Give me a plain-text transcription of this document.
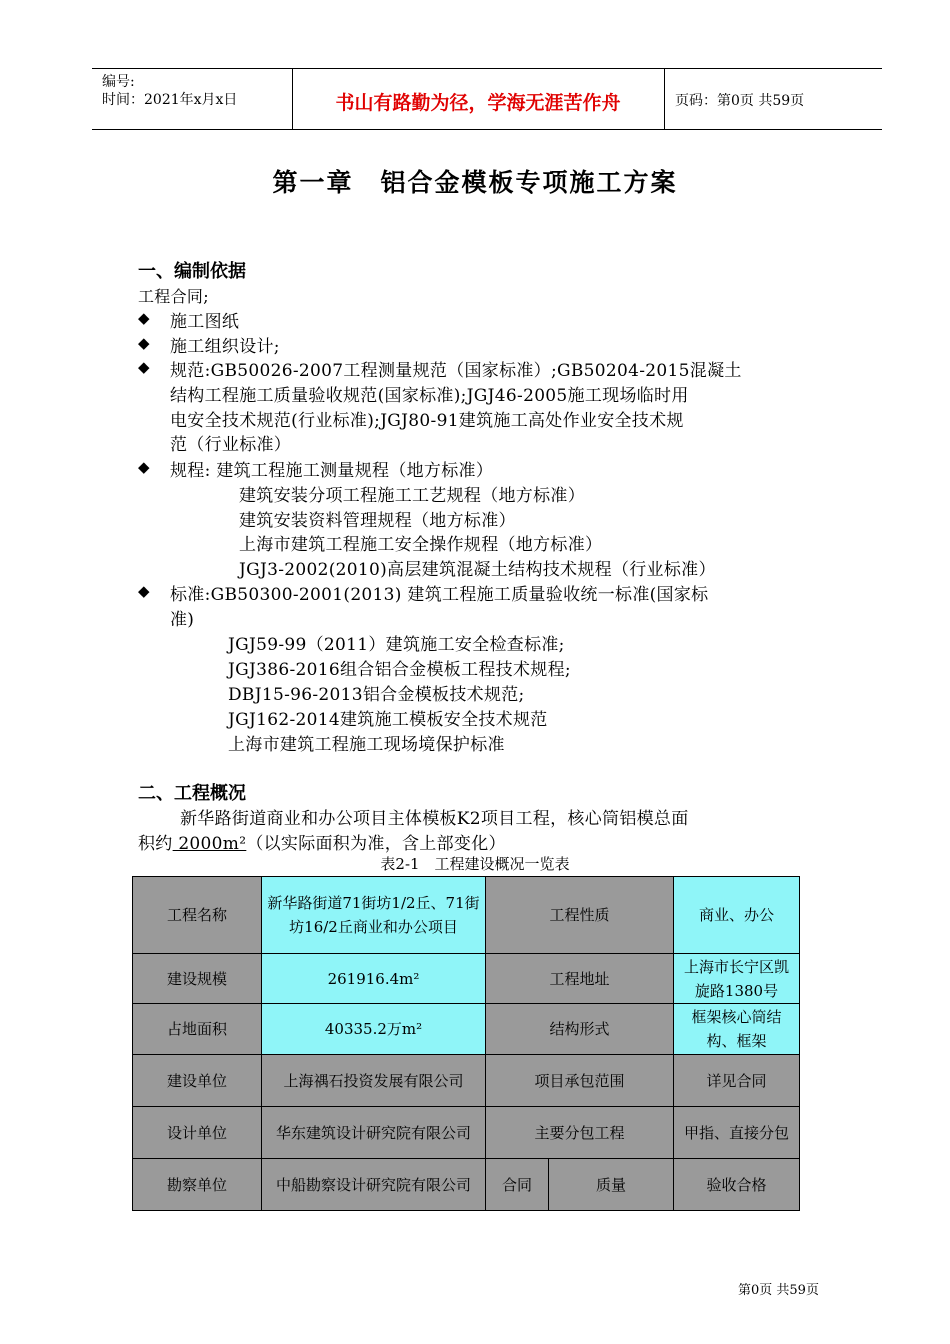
编号:
时间：2021年x月x日	书山有路勤为径，学海无涯苦作舟	页码：第0页 共59页
第一章　铝合金模板专项施工方案
一、编制依据
工程合同;
◆ 施工图纸
◆ 施工组织设计;
◆ 规范:GB50026-2007工程测量规范（国家标准）;GB50204-2015混凝土
结构工程施工质量验收规范(国家标准);JGJ46-2005施工现场临时用
电安全技术规范(行业标准);JGJ80-91建筑施工高处作业安全技术规
范（行业标准）
◆ 规程: 建筑工程施工测量规程（地方标准）
建筑安装分项工程施工工艺规程（地方标准）
建筑安装资料管理规程（地方标准）
上海市建筑工程施工安全操作规程（地方标准）
JGJ3-2002(2010)高层建筑混凝土结构技术规程（行业标准）
◆ 标准:GB50300-2001(2013) 建筑工程施工质量验收统一标准(国家标
准)
JGJ59-99（2011）建筑施工安全检查标准;
JGJ386-2016组合铝合金模板工程技术规程;
DBJ15-96-2013铝合金模板技术规范;
JGJ162-2014建筑施工模板安全技术规范
上海市建筑工程施工现场境保护标准
二、工程概况
新华路街道商业和办公项目主体模板K2项目工程，核心筒铝模总面
积约 2000m²（以实际面积为准，含上部变化）
表2-1　工程建设概况一览表
工程名称	新华路街道71街坊1/2丘、71街坊16/2丘商业和办公项目	工程性质		商业、办公
建设规模	261916.4m²	工程地址		上海市长宁区凯旋路1380号
占地面积	40335.2万m²	结构形式		框架核心筒结构、框架
建设单位	上海禑石投资发展有限公司	项目承包范围		详见合同
设计单位	华东建筑设计研究院有限公司	主要分包工程		甲指、直接分包
勘察单位	中船勘察设计研究院有限公司	合同	质量	验收合格
第0页 共59页
